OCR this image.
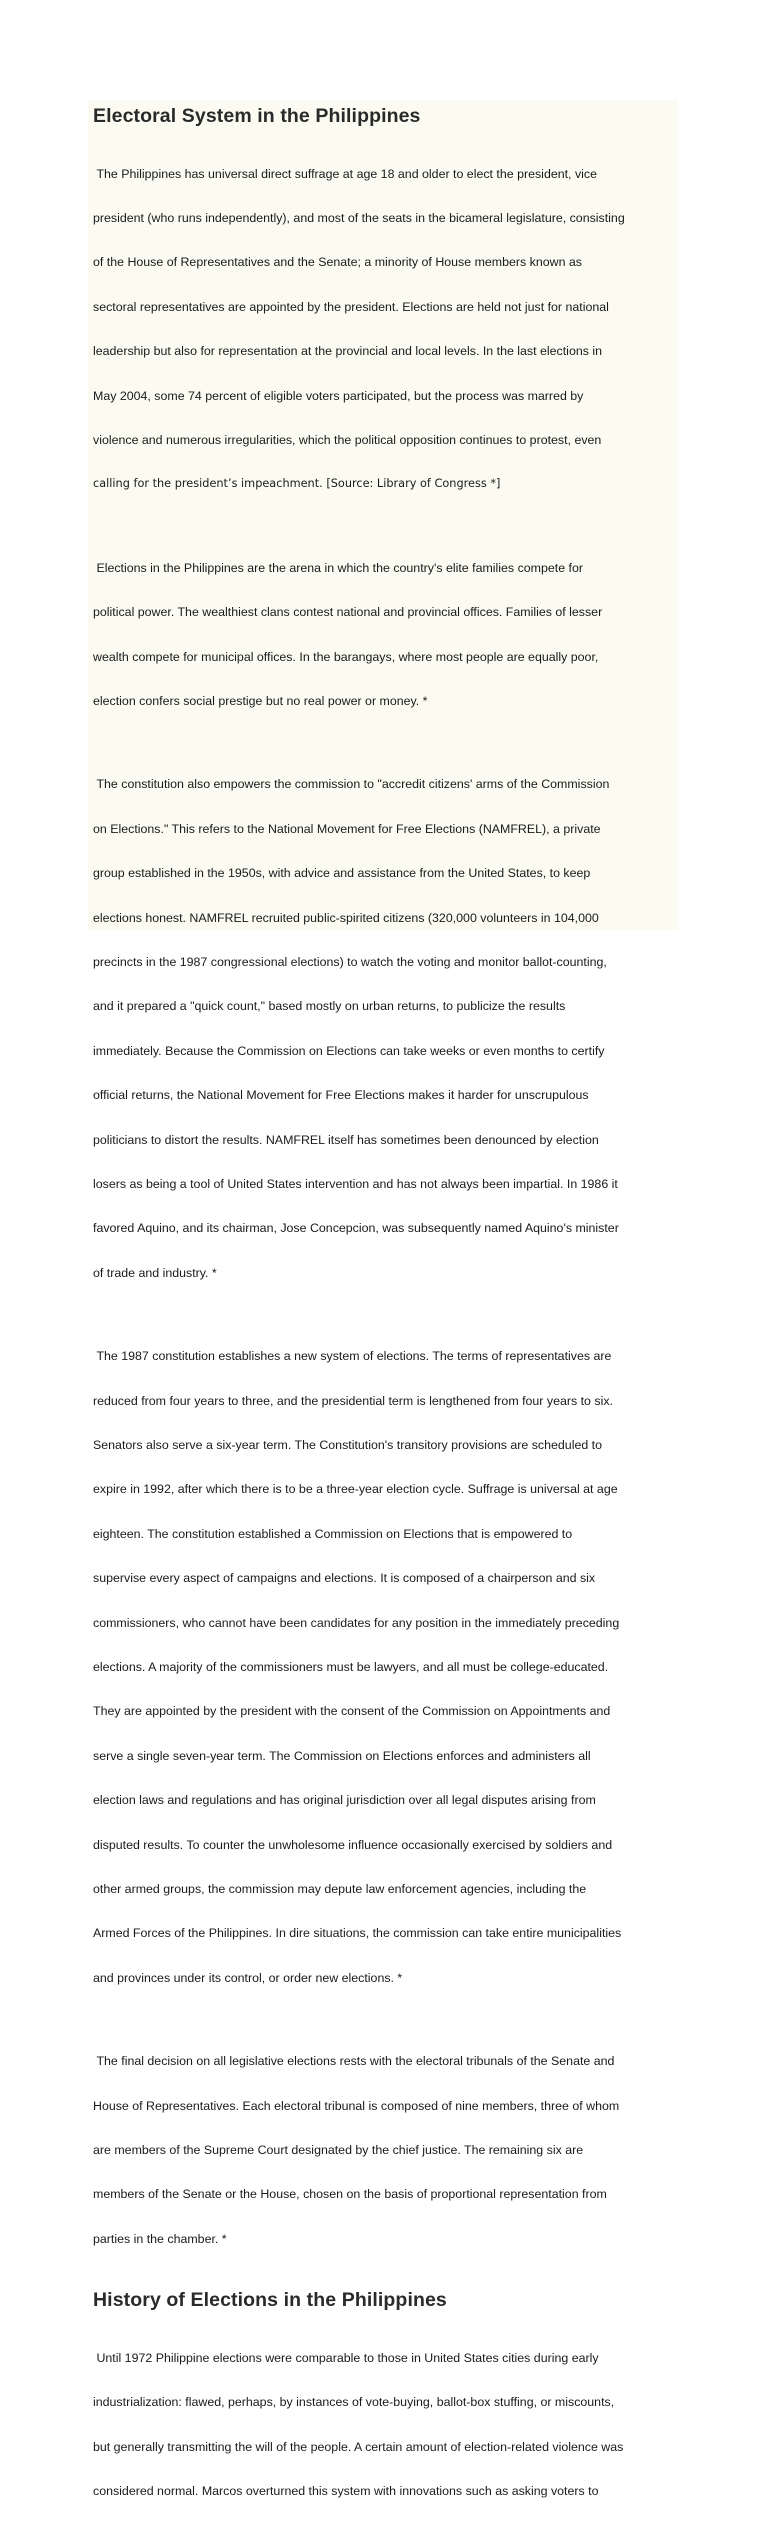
Electoral System in the Philippines

The Philippines has universal direct suffrage at age 18 and older to elect the president, vice

president (who runs independently), and most of the seats in the bicameral legislature, consisting

of the House of Representatives and the Senate; a minority of House members known as

sectoral representatives are appointed by the president. Elections are held not just for national

leadership but also for representation at the provincial and local levels. In the last elections in

May 2004, some 74 percent of eligible voters participated, but the process was marred by

violence and numerous irregularities, which the political opposition continues to protest, even

calling for the president’s impeachment. [Source: Library of Congress *]

Elections in the Philippines are the arena in which the country's elite families compete for

political power. The wealthiest clans contest national and provincial offices. Families of lesser

wealth compete for municipal offices. In the barangays, where most people are equally poor,

election confers social prestige but no real power or money. *

The constitution also empowers the commission to "accredit citizens' arms of the Commission

on Elections." This refers to the National Movement for Free Elections (NAMFREL), a private

group established in the 1950s, with advice and assistance from the United States, to keep

elections honest. NAMFREL recruited public-spirited citizens (320,000 volunteers in 104,000

precincts in the 1987 congressional elections) to watch the voting and monitor ballot-counting,

and it prepared a "quick count," based mostly on urban returns, to publicize the results

immediately. Because the Commission on Elections can take weeks or even months to certify

official returns, the National Movement for Free Elections makes it harder for unscrupulous

politicians to distort the results. NAMFREL itself has sometimes been denounced by election

losers as being a tool of United States intervention and has not always been impartial. In 1986 it

favored Aquino, and its chairman, Jose Concepcion, was subsequently named Aquino's minister

of trade and industry. *

The 1987 constitution establishes a new system of elections. The terms of representatives are

reduced from four years to three, and the presidential term is lengthened from four years to six.

Senators also serve a six-year term. The Constitution's transitory provisions are scheduled to

expire in 1992, after which there is to be a three-year election cycle. Suffrage is universal at age

eighteen. The constitution established a Commission on Elections that is empowered to

supervise every aspect of campaigns and elections. It is composed of a chairperson and six

commissioners, who cannot have been candidates for any position in the immediately preceding

elections. A majority of the commissioners must be lawyers, and all must be college-educated.

They are appointed by the president with the consent of the Commission on Appointments and

serve a single seven-year term. The Commission on Elections enforces and administers all

election laws and regulations and has original jurisdiction over all legal disputes arising from

disputed results. To counter the unwholesome influence occasionally exercised by soldiers and

other armed groups, the commission may depute law enforcement agencies, including the

Armed Forces of the Philippines. In dire situations, the commission can take entire municipalities

and provinces under its control, or order new elections. *

The final decision on all legislative elections rests with the electoral tribunals of the Senate and

House of Representatives. Each electoral tribunal is composed of nine members, three of whom

are members of the Supreme Court designated by the chief justice. The remaining six are

members of the Senate or the House, chosen on the basis of proportional representation from

parties in the chamber. *

History of Elections in the Philippines

Until 1972 Philippine elections were comparable to those in United States cities during early

industrialization: flawed, perhaps, by instances of vote-buying, ballot-box stuffing, or miscounts,

but generally transmitting the will of the people. A certain amount of election-related violence was

considered normal. Marcos overturned this system with innovations such as asking voters to
